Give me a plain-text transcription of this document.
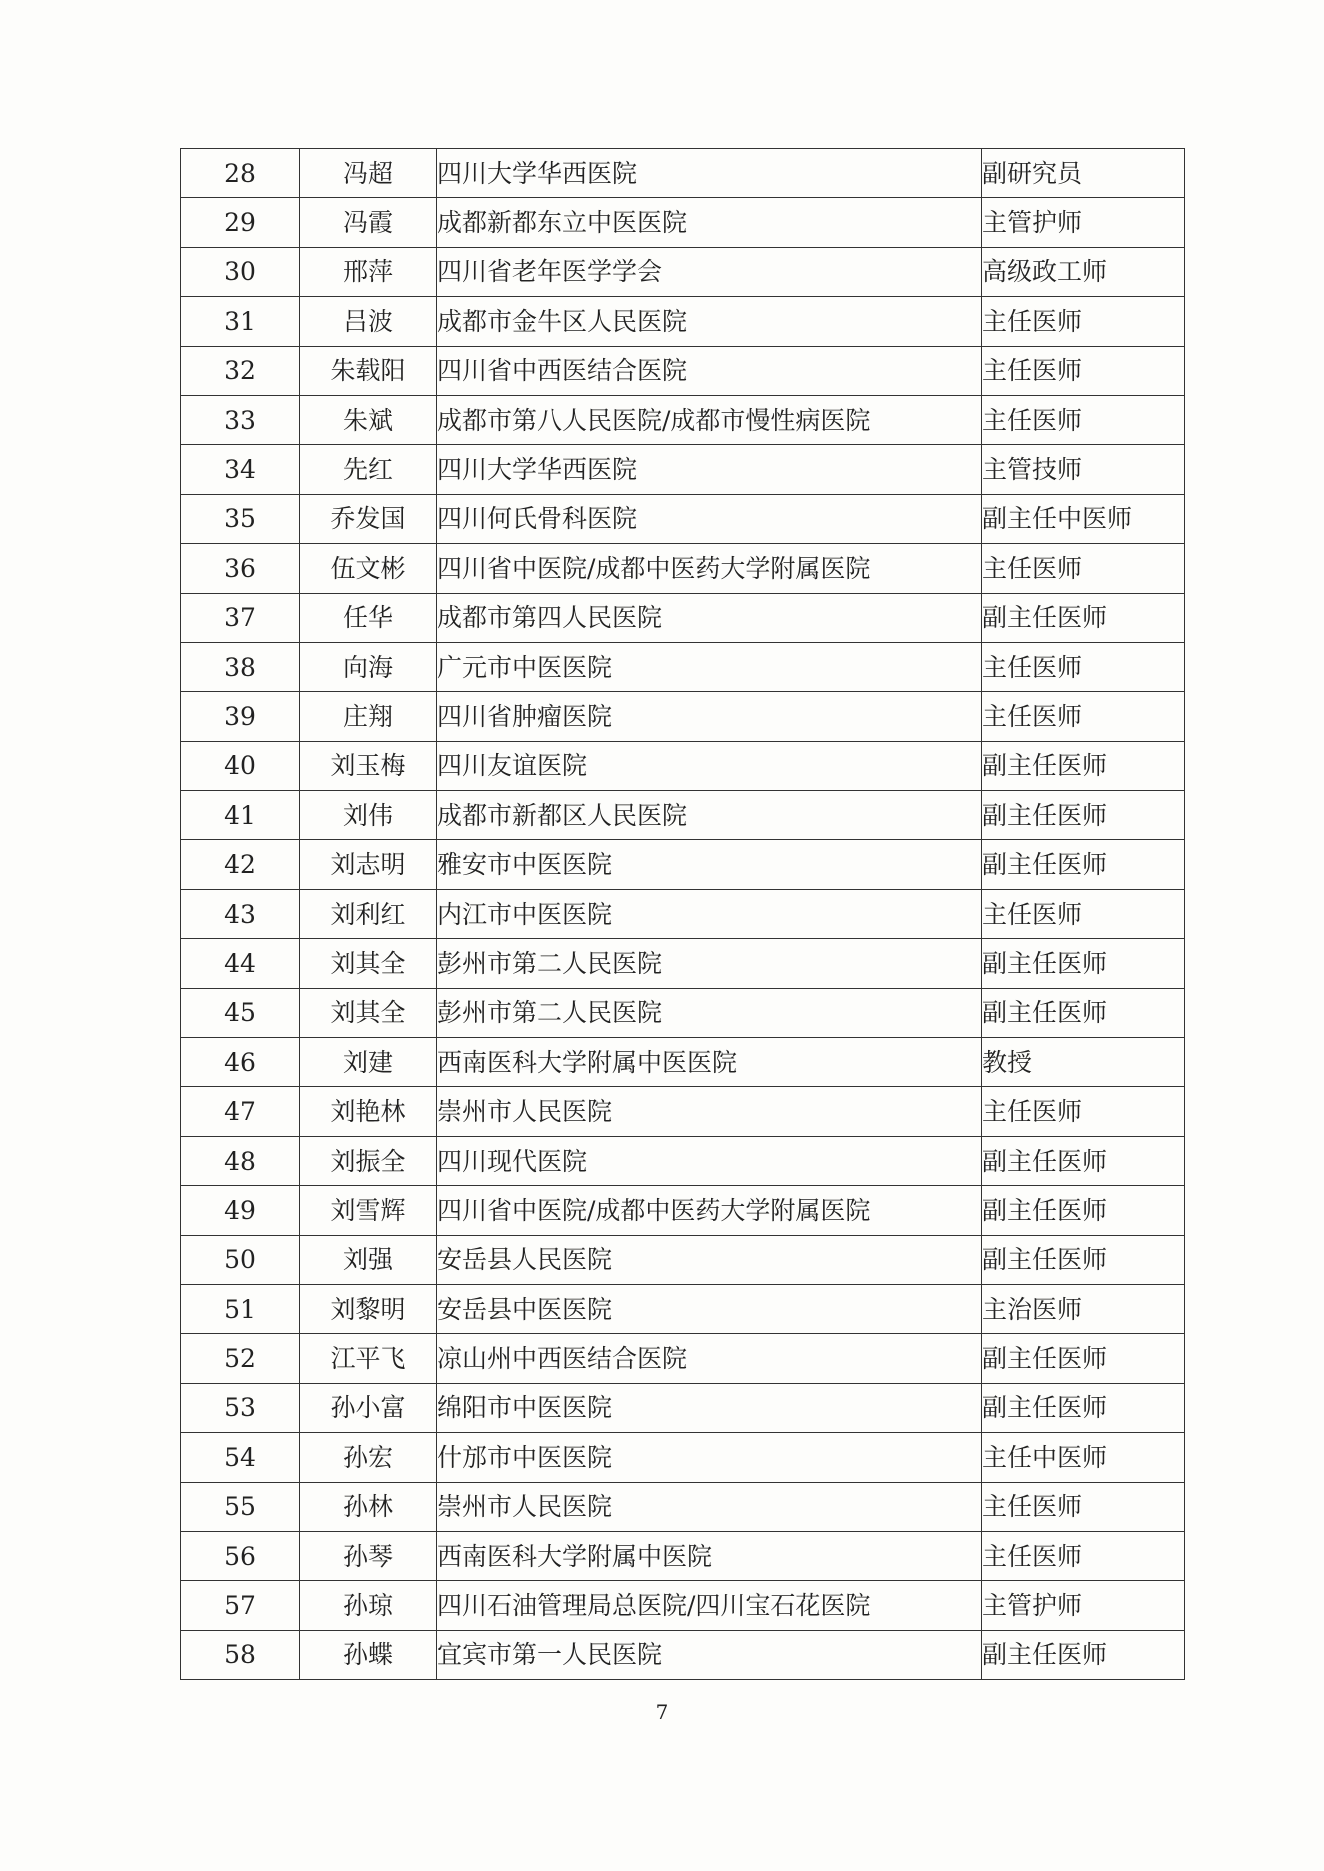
28	冯超	四川大学华西医院	副研究员
29	冯霞	成都新都东立中医医院	主管护师
30	邢萍	四川省老年医学学会	高级政工师
31	吕波	成都市金牛区人民医院	主任医师
32	朱载阳	四川省中西医结合医院	主任医师
33	朱斌	成都市第八人民医院/成都市慢性病医院	主任医师
34	先红	四川大学华西医院	主管技师
35	乔发国	四川何氏骨科医院	副主任中医师
36	伍文彬	四川省中医院/成都中医药大学附属医院	主任医师
37	任华	成都市第四人民医院	副主任医师
38	向海	广元市中医医院	主任医师
39	庄翔	四川省肿瘤医院	主任医师
40	刘玉梅	四川友谊医院	副主任医师
41	刘伟	成都市新都区人民医院	副主任医师
42	刘志明	雅安市中医医院	副主任医师
43	刘利红	内江市中医医院	主任医师
44	刘其全	彭州市第二人民医院	副主任医师
45	刘其全	彭州市第二人民医院	副主任医师
46	刘建	西南医科大学附属中医医院	教授
47	刘艳林	崇州市人民医院	主任医师
48	刘振全	四川现代医院	副主任医师
49	刘雪辉	四川省中医院/成都中医药大学附属医院	副主任医师
50	刘强	安岳县人民医院	副主任医师
51	刘黎明	安岳县中医医院	主治医师
52	江平飞	凉山州中西医结合医院	副主任医师
53	孙小富	绵阳市中医医院	副主任医师
54	孙宏	什邡市中医医院	主任中医师
55	孙林	崇州市人民医院	主任医师
56	孙琴	西南医科大学附属中医院	主任医师
57	孙琼	四川石油管理局总医院/四川宝石花医院	主管护师
58	孙蝶	宜宾市第一人民医院	副主任医师
7
